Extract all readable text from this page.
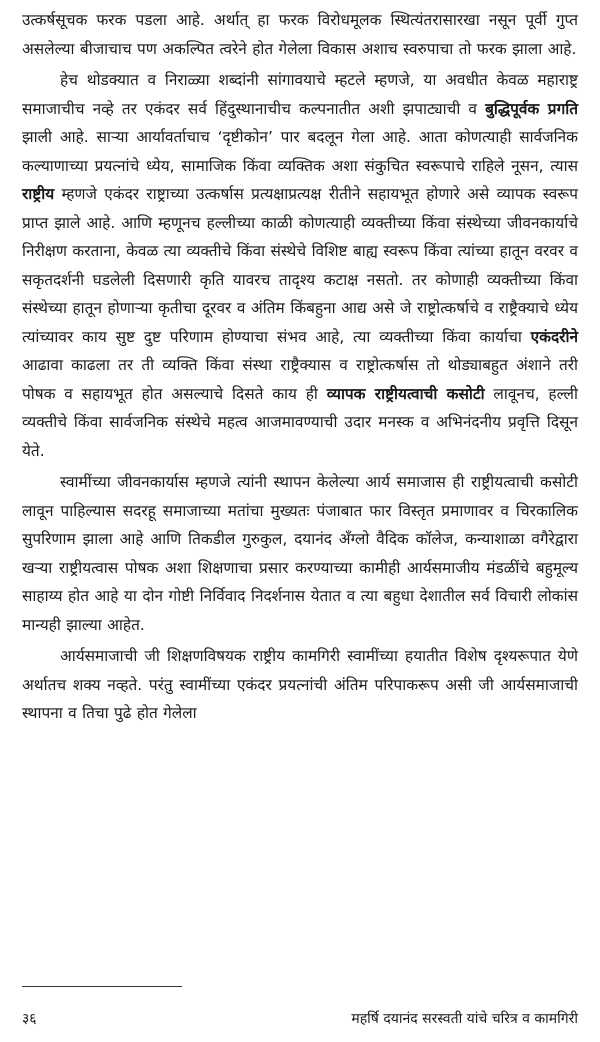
उत्कर्षसूचक फरक पडला आहे. अर्थात् हा फरक विरोधमूलक स्थित्यंतरासारखा नसून पूर्वी गुप्त असलेल्या बीजाचाच पण अकल्पित त्वरेने होत गेलेला विकास अशाच स्वरुपाचा तो फरक झाला आहे.

हेच थोडक्यात व निराळ्या शब्दांनी सांगावयाचे म्हटले म्हणजे, या अवधीत केवळ महाराष्ट्र समाजाचीच नव्हे तर एकंदर सर्व हिंदुस्थानाचीच कल्पनातीत अशी झपाट्याची व बुद्धिपूर्वक प्रगति झाली आहे. साऱ्या आर्यावर्ताचाच ‘दृष्टीकोन’ पार बदलून गेला आहे. आता कोणत्याही सार्वजनिक कल्याणाच्या प्रयत्नांचे ध्येय, सामाजिक किंवा व्यक्तिक अशा संकुचित स्वरूपाचे राहिले नूसन, त्यास राष्ट्रीय म्हणजे एकंदर राष्ट्राच्या उत्कर्षास प्रत्यक्षाप्रत्यक्ष रीतीने सहायभूत होणारे असे व्यापक स्वरूप प्राप्त झाले आहे. आणि म्हणूनच हल्लीच्या काळी कोणत्याही व्यक्तीच्या किंवा संस्थेच्या जीवनकार्याचे निरीक्षण करताना, केवळ त्या व्यक्तीचे किंवा संस्थेचे विशिष्ट बाह्य स्वरूप किंवा त्यांच्या हातून वरवर व सकृतदर्शनी घडलेली दिसणारी कृति यावरच तादृश्य कटाक्ष नसतो. तर कोणाही व्यक्तीच्या किंवा संस्थेच्या हातून होणाऱ्या कृतीचा दूरवर व अंतिम किंबहुना आद्य असे जे राष्ट्रोत्कर्षाचे व राष्ट्रैक्याचे ध्येय त्यांच्यावर काय सुष्ट दुष्ट परिणाम होण्याचा संभव आहे, त्या व्यक्तीच्या किंवा कार्याचा एकंदरीने आढावा काढला तर ती व्यक्ति किंवा संस्था राष्ट्रैक्यास व राष्ट्रोत्कर्षास तो थोड्याबहुत अंशाने तरी पोषक व सहायभूत होत असल्याचे दिसते काय ही व्यापक राष्ट्रीयत्वाची कसोटी लावूनच, हल्ली व्यक्तीचे किंवा सार्वजनिक संस्थेचे महत्व आजमावण्याची उदार मनस्क व अभिनंदनीय प्रवृत्ति दिसून येते.

स्वामींच्या जीवनकार्यास म्हणजे त्यांनी स्थापन केलेल्या आर्य समाजास ही राष्ट्रीयत्वाची कसोटी लावून पाहिल्यास सदरहू समाजाच्या मतांचा मुख्यतः पंजाबात फार विस्तृत प्रमाणावर व चिरकालिक सुपरिणाम झाला आहे आणि तिकडील गुरुकुल, दयानंद अँग्लो वैदिक कॉलेज, कन्याशाळा वगैरेद्वारा खऱ्या राष्ट्रीयत्वास पोषक अशा शिक्षणाचा प्रसार करण्याच्या कामीही आर्यसमाजीय मंडळींचे बहुमूल्य साहाय्य होत आहे या दोन गोष्टी निर्विवाद निदर्शनास येतात व त्या बहुधा देशातील सर्व विचारी लोकांस मान्यही झाल्या आहेत.

आर्यसमाजाची जी शिक्षणविषयक राष्ट्रीय कामगिरी स्वामींच्या हयातीत विशेष दृश्यरूपात येणे अर्थातच शक्य नव्हते. परंतु स्वामींच्या एकंदर प्रयत्नांची अंतिम परिपाकरूप असी जी आर्यसमाजाची स्थापना व तिचा पुढे होत गेलेला

३६	महर्षि दयानंद सरस्वती यांचे चरित्र व कामगिरी
